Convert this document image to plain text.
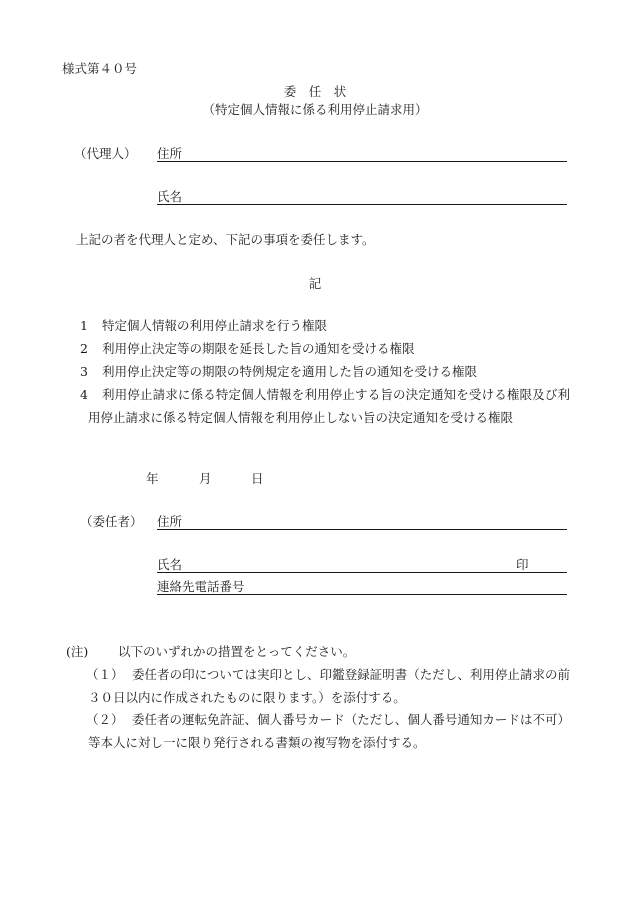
様式第４０号
委　任　状
（特定個人情報に係る利用停止請求用）
（代理人） 住所
氏名
上記の者を代理人と定め、下記の事項を委任します。
記
1 特定個人情報の利用停止請求を行う権限
2 利用停止決定等の期限を延長した旨の通知を受ける権限
3 利用停止決定等の期限の特例規定を適用した旨の通知を受ける権限
4	利用停止請求に係る特定個人情報を利用停止する旨の決定通知を受ける権限及び利用停止請求に係る特定個人情報を利用停止しない旨の決定通知を受ける権限
年	月	日
（委任者） 住所
氏名	印
連絡先電話番号
(注) 以下のいずれかの措置をとってください。
（１） 委任者の印については実印とし、印鑑登録証明書（ただし、利用停止請求の前３０日以内に作成されたものに限ります。）を添付する。
（２） 委任者の運転免許証、個人番号カード（ただし、個人番号通知カードは不可）等本人に対し一に限り発行される書類の複写物を添付する。
